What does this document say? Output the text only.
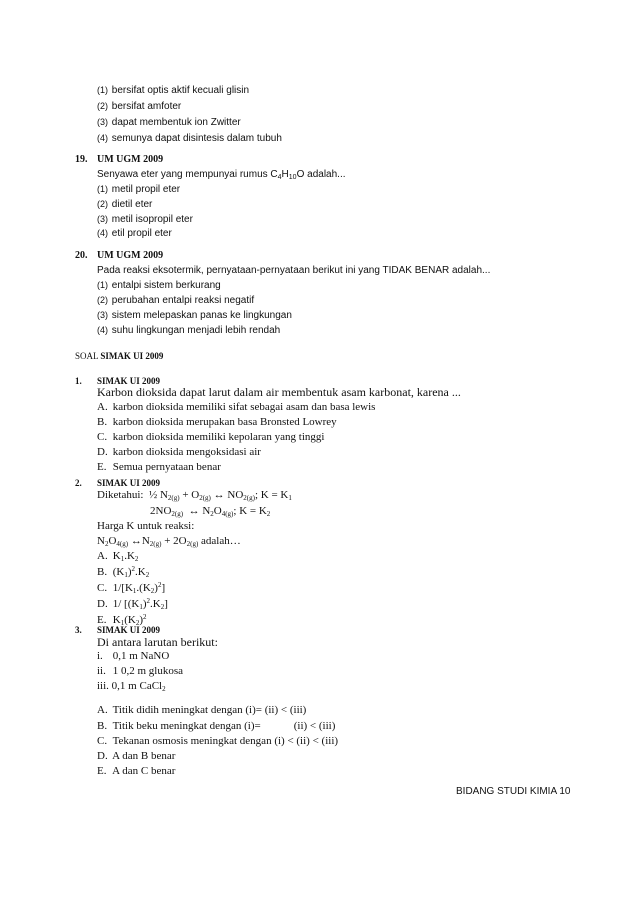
(1) bersifat optis aktif kecuali glisin
(2) bersifat amfoter
(3) dapat membentuk ion Zwitter
(4) semunya dapat disintesis dalam tubuh
19. UM UGM 2009
Senyawa eter yang mempunyai rumus $C_4H_{10}O$ adalah...
(1) metil propil eter
(2) dietil eter
(3) metil isopropil eter
(4) etil propil eter
20. UM UGM 2009
Pada reaksi eksotermik, pernyataan-pernyataan berikut ini yang TIDAK BENAR adalah...
(1) entalpi sistem berkurang
(2) perubahan entalpi reaksi negatif
(3) sistem melepaskan panas ke lingkungan
(4) suhu lingkungan menjadi lebih rendah
SOAL SIMAK UI 2009
1. SIMAK UI 2009
Karbon dioksida dapat larut dalam air membentuk asam karbonat, karena ...
A. karbon dioksida memiliki sifat sebagai asam dan basa lewis
B. karbon dioksida merupakan basa Bronsted Lowrey
C. karbon dioksida memiliki kepolaran yang tinggi
D. karbon dioksida mengoksidasi air
E. Semua pernyataan benar
2. SIMAK UI 2009
Diketahui: ½ $N_{2(g)} + O_{2(g)}$ ↔ $NO_{2(g)}$; $K = K_1$
$2NO_{2(g)}$ ↔ $N_2O_{4(g)}$; $K = K_2$
Harga K untuk reaksi:
$N_2O_{4(g)}$ $\leftrightarrow N_{2(g)} + 2O_{2(g)}$ adalah…
A. $K_1.K_2$
B. $(K_1)^2.K_2$
C. $1/[K_1.(K_2)^2]$
D. 1/ $[(K_1)^2.K_2]$
E. $K_1(K_2)^2$
3. SIMAK UI 2009
Di antara larutan berikut:
i. 0,1 m NaNO
ii. 1 0,2 m glukosa
iii. 0,1 m CaCl$_2$
A. Titik didih meningkat dengan (i)= (ii) < (iii)
B. Titik beku meningkat dengan (i)=            (ii) < (iii)
C. Tekanan osmosis meningkat dengan (i) < (ii) < (iii)
D. A dan B benar
E. A dan C benar
BIDANG STUDI KIMIA 10
